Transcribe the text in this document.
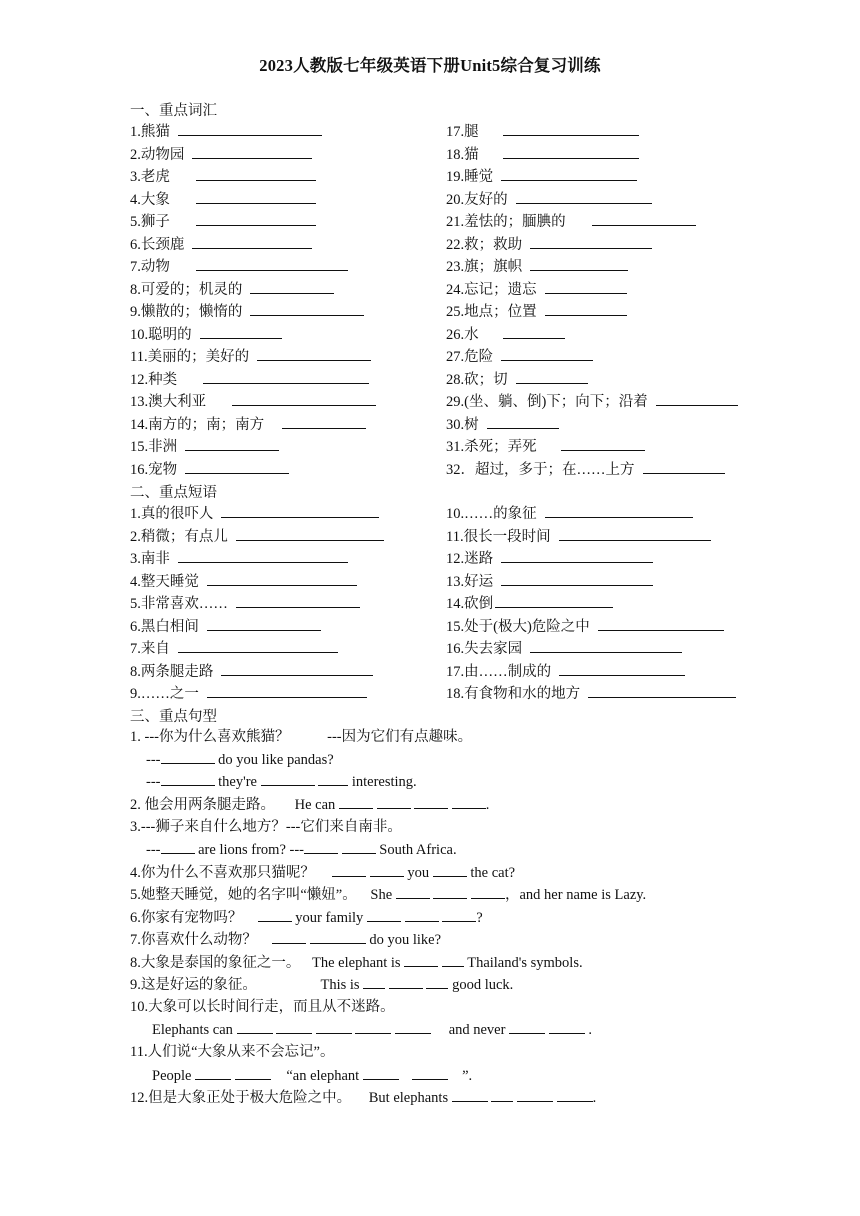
2023人教版七年级英语下册Unit5综合复习训练
一、重点词汇
1.熊猫	17.腿
2.动物园	18.猫
3.老虎	19.睡觉
4.大象	20.友好的
5.狮子	21.羞怯的；腼腆的
6.长颈鹿	22.救；救助
7.动物	23.旗；旗帜
8.可爱的；机灵的	24.忘记；遗忘
9.懒散的；懒惰的	25.地点；位置
10.聪明的	26.水
11.美丽的；美好的	27.危险
12.种类	28.砍；切
13.澳大利亚	29.(坐、躺、倒)下；向下；沿着
14.南方的；南；南方	30.树
15.非洲	31.杀死；弄死
16.宠物	32．超过，多于；在……上方
二、重点短语
1.真的很吓人	10.……的象征
2.稍微；有点儿	11.很长一段时间
3.南非	12.迷路
4.整天睡觉	13.好运
5.非常喜欢……	14.砍倒
6.黑白相间	15.处于(极大)危险之中
7.来自	16.失去家园
8.两条腿走路	17.由……制成的
9.……之一	18.有食物和水的地方
三、重点句型
1. ---你为什么喜欢熊猫？	---因为它们有点趣味。
---	do you like pandas?
---	they're	interesting.
2. 他会用两条腿走路。 He can	.
3.---狮子来自什么地方？---它们来自南非。
--- are lions from? ---	South Africa.
4.你为什么不喜欢那只猫呢？	you  the cat?
5.她整天睡觉，她的名字叫“懒妞”。 She	，and her name is Lazy.
6.你家有宠物吗？	your family	?
7.你喜欢什么动物？	do you like?
8.大象是泰国的象征之一。 The elephant is	Thailand's symbols.
9.这是好运的象征。	This is	good luck.
10.大象可以长时间行走，而且从不迷路。
Elephants can	and never	.
11.人们说“大象从来不会忘记”。
People	“an elephant	”.
12.但是大象正处于极大危险之中。 But elephants	.
